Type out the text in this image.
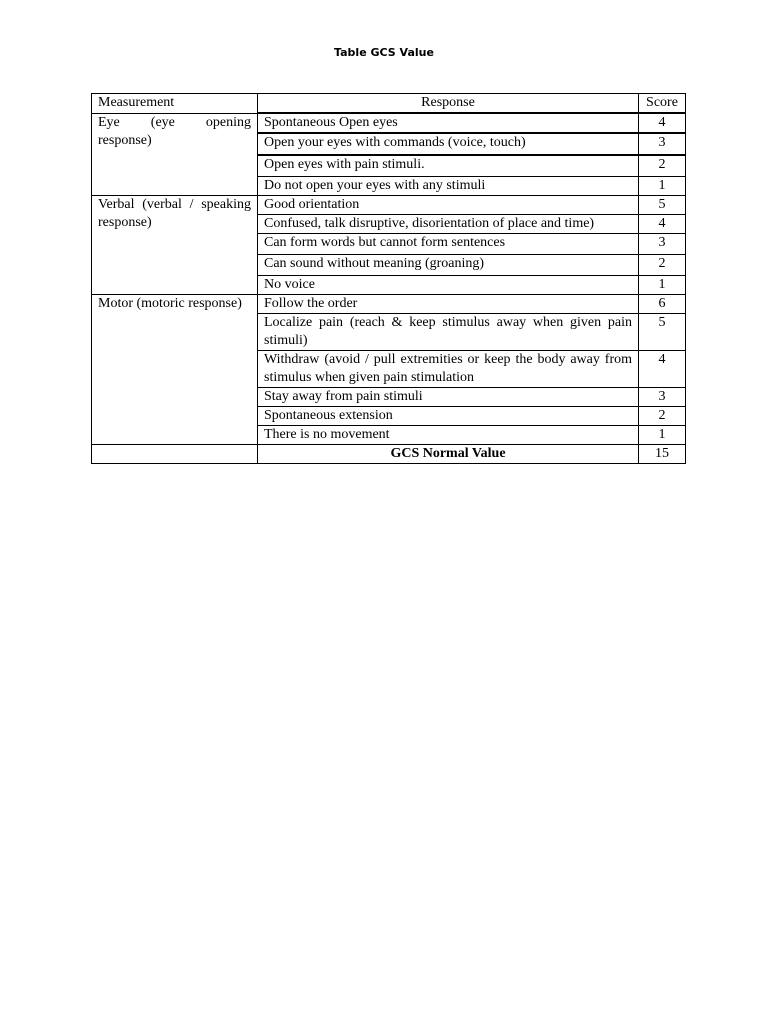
Table GCS Value
Measurement	Response	Score
Eye (eye opening response)	Spontaneous Open eyes	4
	Open your eyes with commands (voice, touch)	3
	Open eyes with pain stimuli.	2
	Do not open your eyes with any stimuli	1
Verbal (verbal / speaking response)	Good orientation	5
	Confused, talk disruptive, disorientation of place and time)	4
	Can form words but cannot form sentences	3
	Can sound without meaning (groaning)	2
	No voice	1
Motor (motoric response)	Follow the order	6
	Localize pain (reach & keep stimulus away when given pain stimuli)	5
	Withdraw (avoid / pull extremities or keep the body away from stimulus when given pain stimulation	4
	Stay away from pain stimuli	3
	Spontaneous extension	2
	There is no movement	1
	GCS Normal Value	15
